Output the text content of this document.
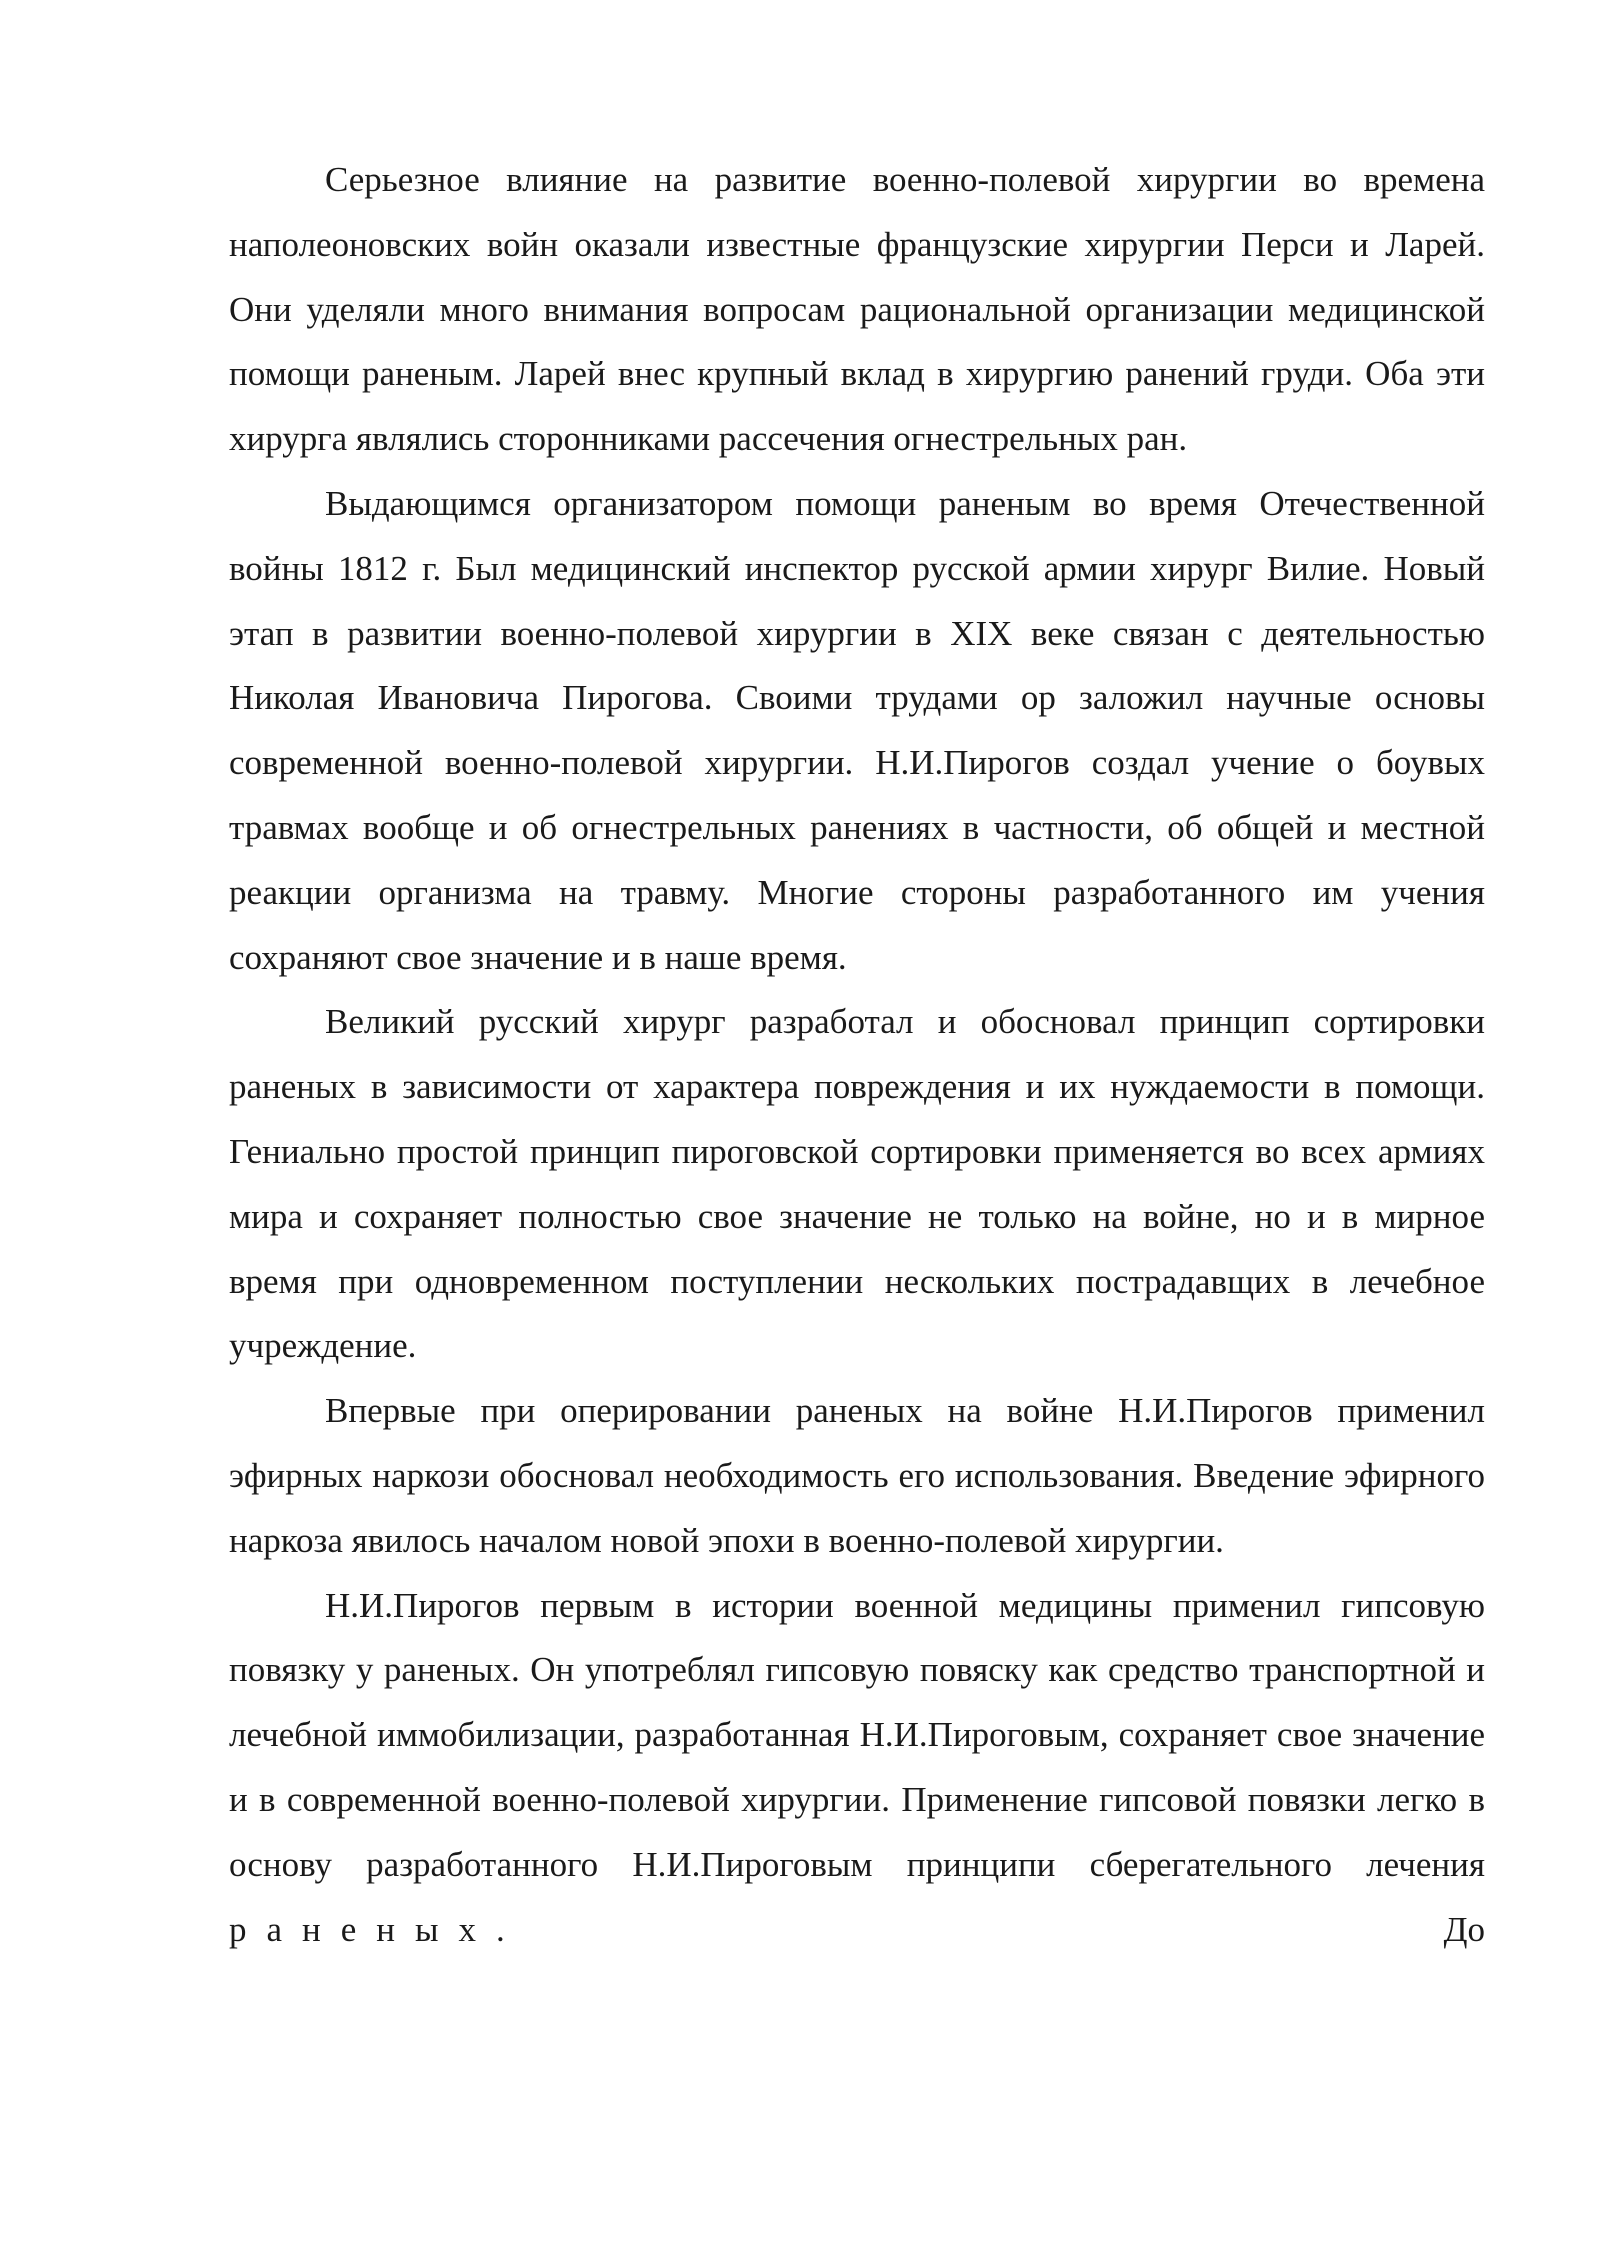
Серьезное влияние на развитие военно-полевой хирургии во времена наполеоновских войн оказали известные французские хирургии Перси и Ларей. Они уделяли много внимания вопросам рациональной организации медицинской помощи раненым. Ларей внес крупный вклад в хирургию ранений груди. Оба эти хирурга являлись сторонниками рассечения огнестрельных ран.

Выдающимся организатором помощи раненым во время Отечественной войны 1812 г. Был медицинский инспектор русской армии хирург Вилие. Новый этап в развитии военно-полевой хирургии в XIX веке связан с деятельностью Николая Ивановича Пирогова. Своими трудами ор заложил научные основы современной военно-полевой хирургии. Н.И.Пирогов создал учение о боувых травмах вообще и об огнестрельных ранениях в частности, об общей и местной реакции организма на травму. Многие стороны разработанного им учения сохраняют свое значение и в наше время.

Великий русский хирург разработал и обосновал принцип сортировки раненых в зависимости от характера повреждения и их нуждаемости в помощи. Гениально простой принцип пироговской сортировки применяется во всех армиях мира и сохраняет полностью свое значение не только на войне, но и в мирное время при одновременном поступлении нескольких пострадавщих в лечебное учреждение.

Впервые при оперировании раненых на войне Н.И.Пирогов применил эфирных наркози обосновал необходимость его использования. Введение эфирного наркоза явилось началом новой эпохи в военно-полевой хирургии.

Н.И.Пирогов первым в истории военной медицины применил гипсовую повязку у раненых. Он употреблял гипсовую повяску как средство транспортной и лечебной иммобилизации, разработанная Н.И.Пироговым, сохраняет свое значение и в современной военно-полевой хирургии. Применение гипсовой повязки легко в основу разработанного Н.И.Пироговым принципи сберегательного лечения раненых. До
